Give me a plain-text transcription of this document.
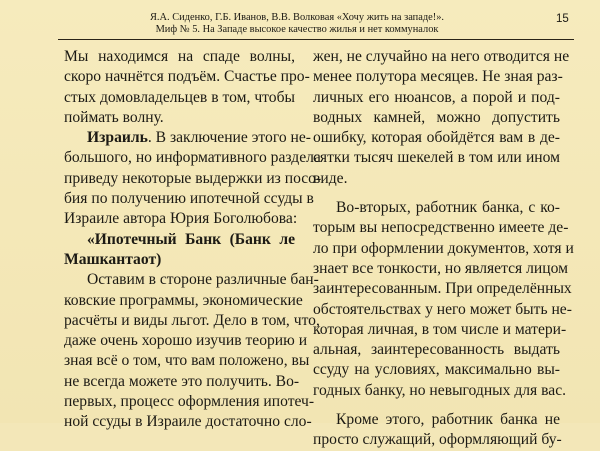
Я.А. Сиденко, Г.Б. Иванов, В.В. Волковая «Хочу жить на западе!».
Миф № 5. На Западе высокое качество жилья и нет коммуналок
15
Мы находимся на спаде волны,
скоро начнётся подъём. Счастье про-
стых домовладельцев в том, чтобы
поймать волну.
Израиль. В заключение этого не-
большого, но информативного раздела
приведу некоторые выдержки из посо-
бия по получению ипотечной ссуды в
Израиле автора Юрия Боголюбова:
«Ипотечный Банк (Банк ле
Машкантаот)
Оставим в стороне различные бан-
ковские программы, экономические
расчёты и виды льгот. Дело в том, что,
даже очень хорошо изучив теорию и
зная всё о том, что вам положено, вы
не всегда можете это получить. Во-
первых, процесс оформления ипотеч-
ной ссуды в Израиле достаточно сло-
жен, не случайно на него отводится не
менее полутора месяцев. Не зная раз-
личных его нюансов, а порой и под-
водных камней, можно допустить
ошибку, которая обойдётся вам в де-
сятки тысяч шекелей в том или ином
виде.
Во-вторых, работник банка, с ко-
торым вы непосредственно имеете де-
ло при оформлении документов, хотя и
знает все тонкости, но является лицом
заинтересованным. При определённых
обстоятельствах у него может быть не-
которая личная, в том числе и матери-
альная, заинтересованность выдать
ссуду на условиях, максимально вы-
годных банку, но невыгодных для вас.
Кроме этого, работник банка не
просто служащий, оформляющий бу-
